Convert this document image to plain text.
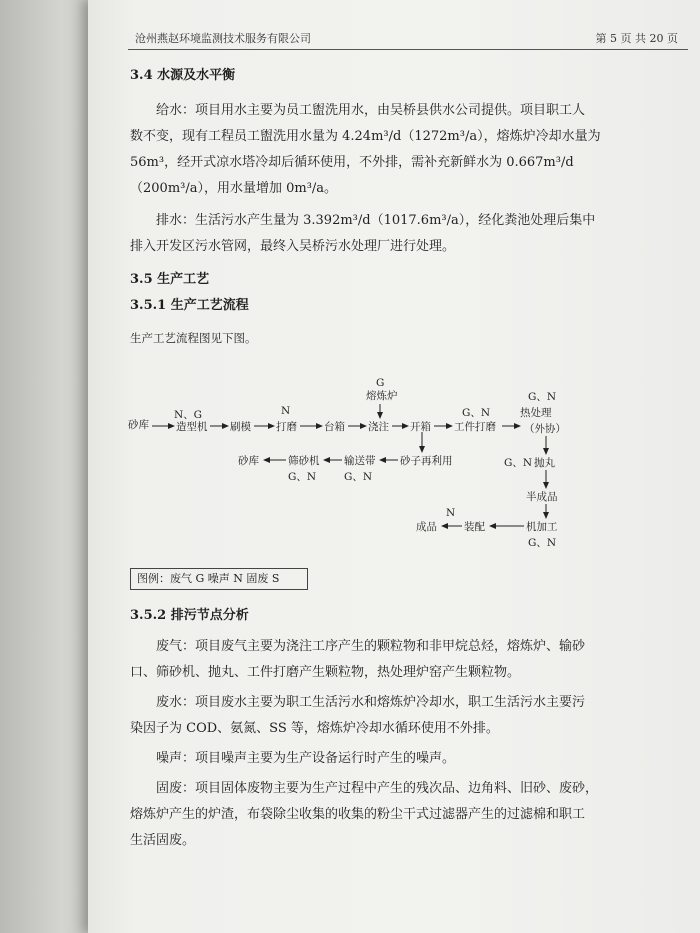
沧州燕赵环境监测技术服务有限公司	第 5 页 共 20 页
3.4 水源及水平衡
给水：项目用水主要为员工盥洗用水，由吴桥县供水公司提供。项目职工人
数不变，现有工程员工盥洗用水量为 4.24m³/d（1272m³/a），熔炼炉冷却水量为
56m³，经开式凉水塔冷却后循环使用，不外排，需补充新鲜水为 0.667m³/d
（200m³/a），用水量增加 0m³/a。
排水：生活污水产生量为 3.392m³/d（1017.6m³/a），经化粪池处理后集中
排入开发区污水管网，最终入吴桥污水处理厂进行处理。
3.5 生产工艺
3.5.1 生产工艺流程
生产工艺流程图见下图。
砂库
N、G
造型机 刷模
N
打磨	台箱
G
熔炼炉
浇注 开箱
G、N
工件打磨
G、N
热处理
（外协）
砂库	筛砂机
G、N
输送带
G、N
砂子再利用	G、N 抛丸
半成品
N
成品	装配	机加工
G、N
图例：废气 G 噪声 N 固废 S
3.5.2 排污节点分析
废气：项目废气主要为浇注工序产生的颗粒物和非甲烷总烃，熔炼炉、输砂
口、筛砂机、抛丸、工件打磨产生颗粒物，热处理炉窑产生颗粒物。
废水：项目废水主要为职工生活污水和熔炼炉冷却水，职工生活污水主要污
染因子为 COD、氨氮、SS 等，熔炼炉冷却水循环使用不外排。
噪声：项目噪声主要为生产设备运行时产生的噪声。
固废：项目固体废物主要为生产过程中产生的残次品、边角料、旧砂、废砂，
熔炼炉产生的炉渣，布袋除尘收集的收集的粉尘干式过滤器产生的过滤棉和职工
生活固废。
